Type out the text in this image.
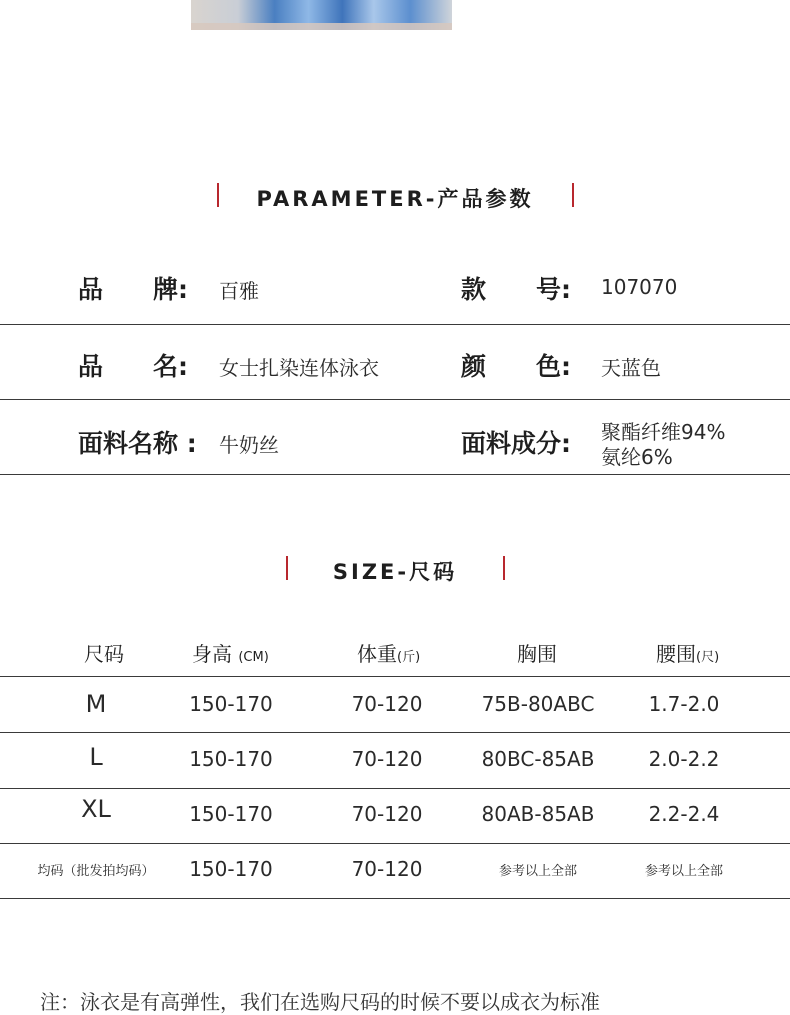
PARAMETER-产品参数
品　　牌: 百雅	款　　号: 107070
品　　名: 女士扎染连体泳衣	颜　　色: 天蓝色
面料名称 : 牛奶丝	面料成分: 聚酯纤维94%
氨纶6%
SIZE-尺码
尺码	身高 (CM)	体重(斤)	胸围	腰围(尺)
M	150-170	70-120	75B-80ABC	1.7-2.0
L	150-170	70-120	80BC-85AB	2.0-2.2
XL	150-170	70-120	80AB-85AB	2.2-2.4
均码（批发拍均码）	150-170	70-120	参考以上全部	参考以上全部
注：泳衣是有高弹性，我们在选购尺码的时候不要以成衣为标准
